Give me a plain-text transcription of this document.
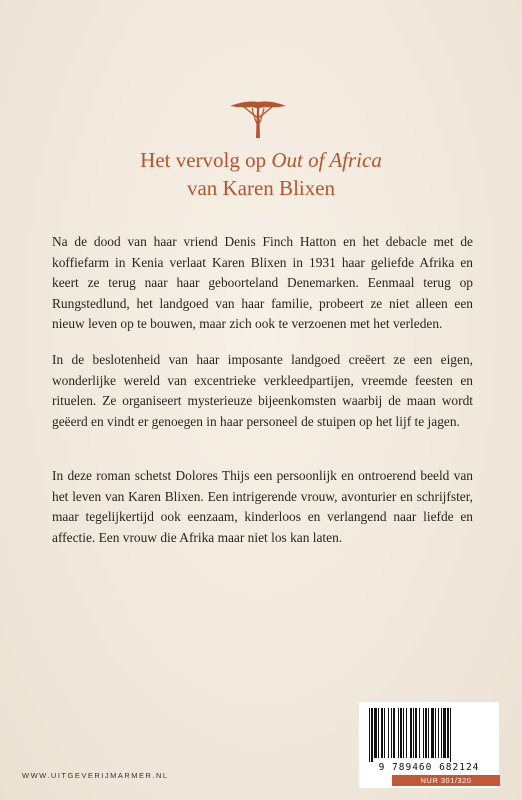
Het vervolg op Out of Africa
van Karen Blixen

Na de dood van haar vriend Denis Finch Hatton en het debacle met de koffiefarm in Kenia verlaat Karen Blixen in 1931 haar geliefde Afrika en keert ze terug naar haar geboorteland Denemarken. Eenmaal terug op Rungstedlund, het landgoed van haar familie, probeert ze niet alleen een nieuw leven op te bouwen, maar zich ook te verzoenen met het verleden.

In de beslotenheid van haar imposante landgoed creëert ze een eigen, wonderlijke wereld van excentrieke verkleedpartijen, vreemde feesten en rituelen. Ze organiseert mysterieuze bijeenkomsten waarbij de maan wordt geëerd en vindt er genoegen in haar personeel de stuipen op het lijf te jagen.

In deze roman schetst Dolores Thijs een persoonlijk en ontroerend beeld van het leven van Karen Blixen. Een intrigerende vrouw, avonturier en schrijfster, maar tegelijkertijd ook eenzaam, kinderloos en verlangend naar liefde en affectie. Een vrouw die Afrika maar niet los kan laten.

WWW.UITGEVERIJMARMER.NL
9 789460 682124
NUR 301/320
